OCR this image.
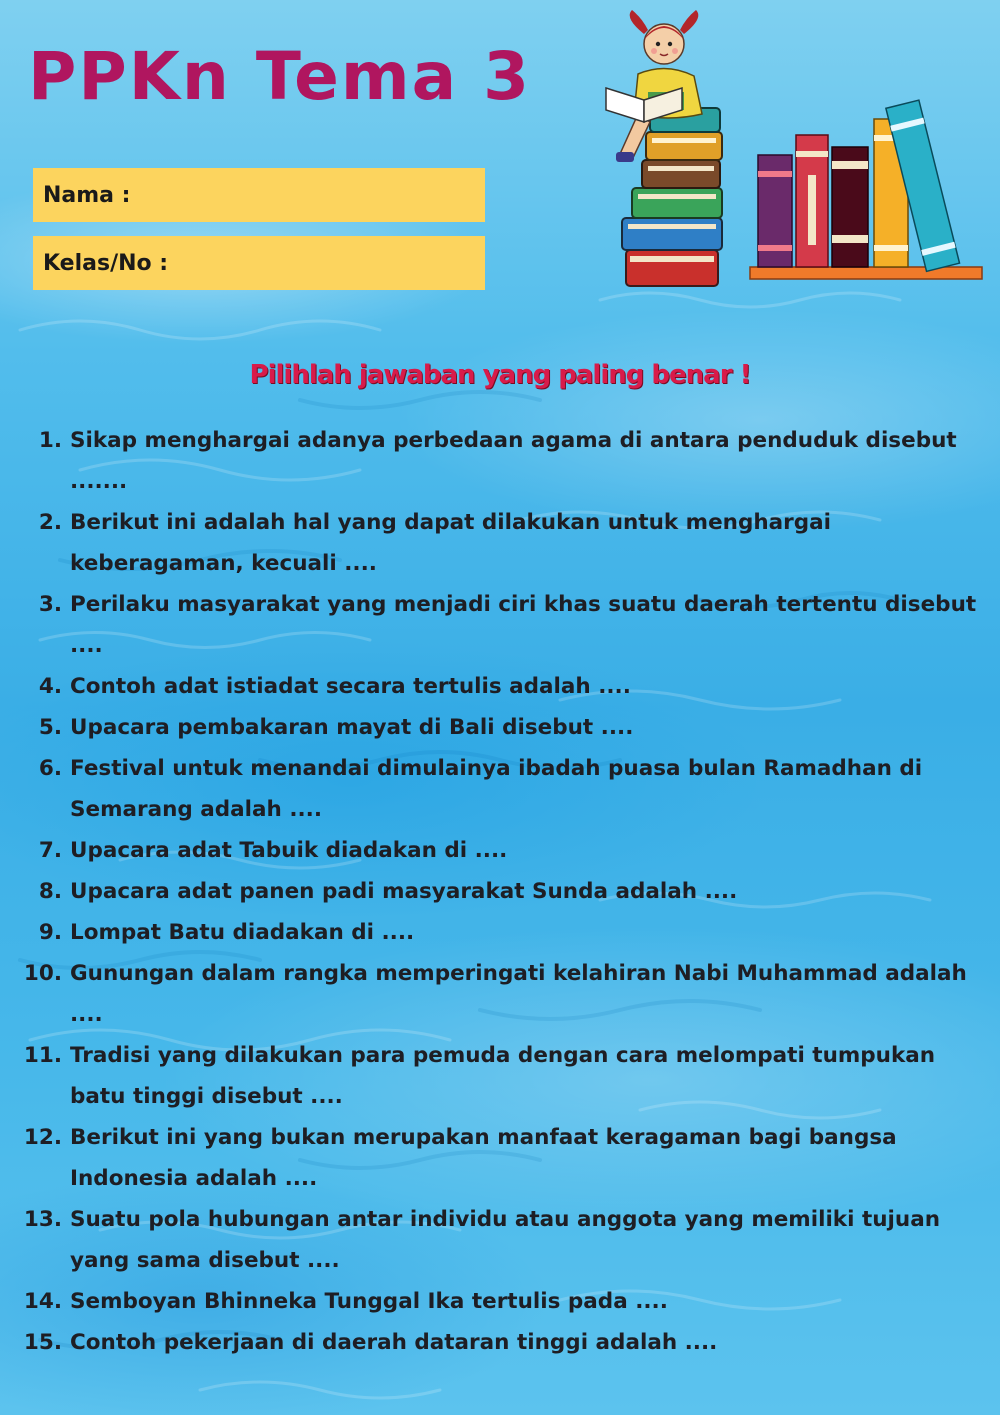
PPKn Tema 3
Nama :
Kelas/No :
Pilihlah jawaban yang paling benar !
1. Sikap menghargai adanya perbedaan agama di antara penduduk disebut .......
2. Berikut ini adalah hal yang dapat dilakukan untuk menghargai keberagaman, kecuali ....
3. Perilaku masyarakat yang menjadi ciri khas suatu daerah tertentu disebut ....
4. Contoh adat istiadat secara tertulis adalah ....
5. Upacara pembakaran mayat di Bali disebut ....
6. Festival untuk menandai dimulainya ibadah puasa bulan Ramadhan di Semarang adalah ....
7. Upacara adat Tabuik diadakan di ....
8. Upacara adat panen padi masyarakat Sunda adalah ....
9. Lompat Batu diadakan di ....
10. Gunungan dalam rangka memperingati kelahiran Nabi Muhammad adalah ....
11. Tradisi yang dilakukan para pemuda dengan cara melompati tumpukan batu tinggi disebut ....
12. Berikut ini yang bukan merupakan manfaat keragaman bagi bangsa Indonesia adalah ....
13. Suatu pola hubungan antar individu atau anggota yang memiliki tujuan yang sama disebut ....
14. Semboyan Bhinneka Tunggal Ika tertulis pada ....
15. Contoh pekerjaan di daerah dataran tinggi adalah ....
